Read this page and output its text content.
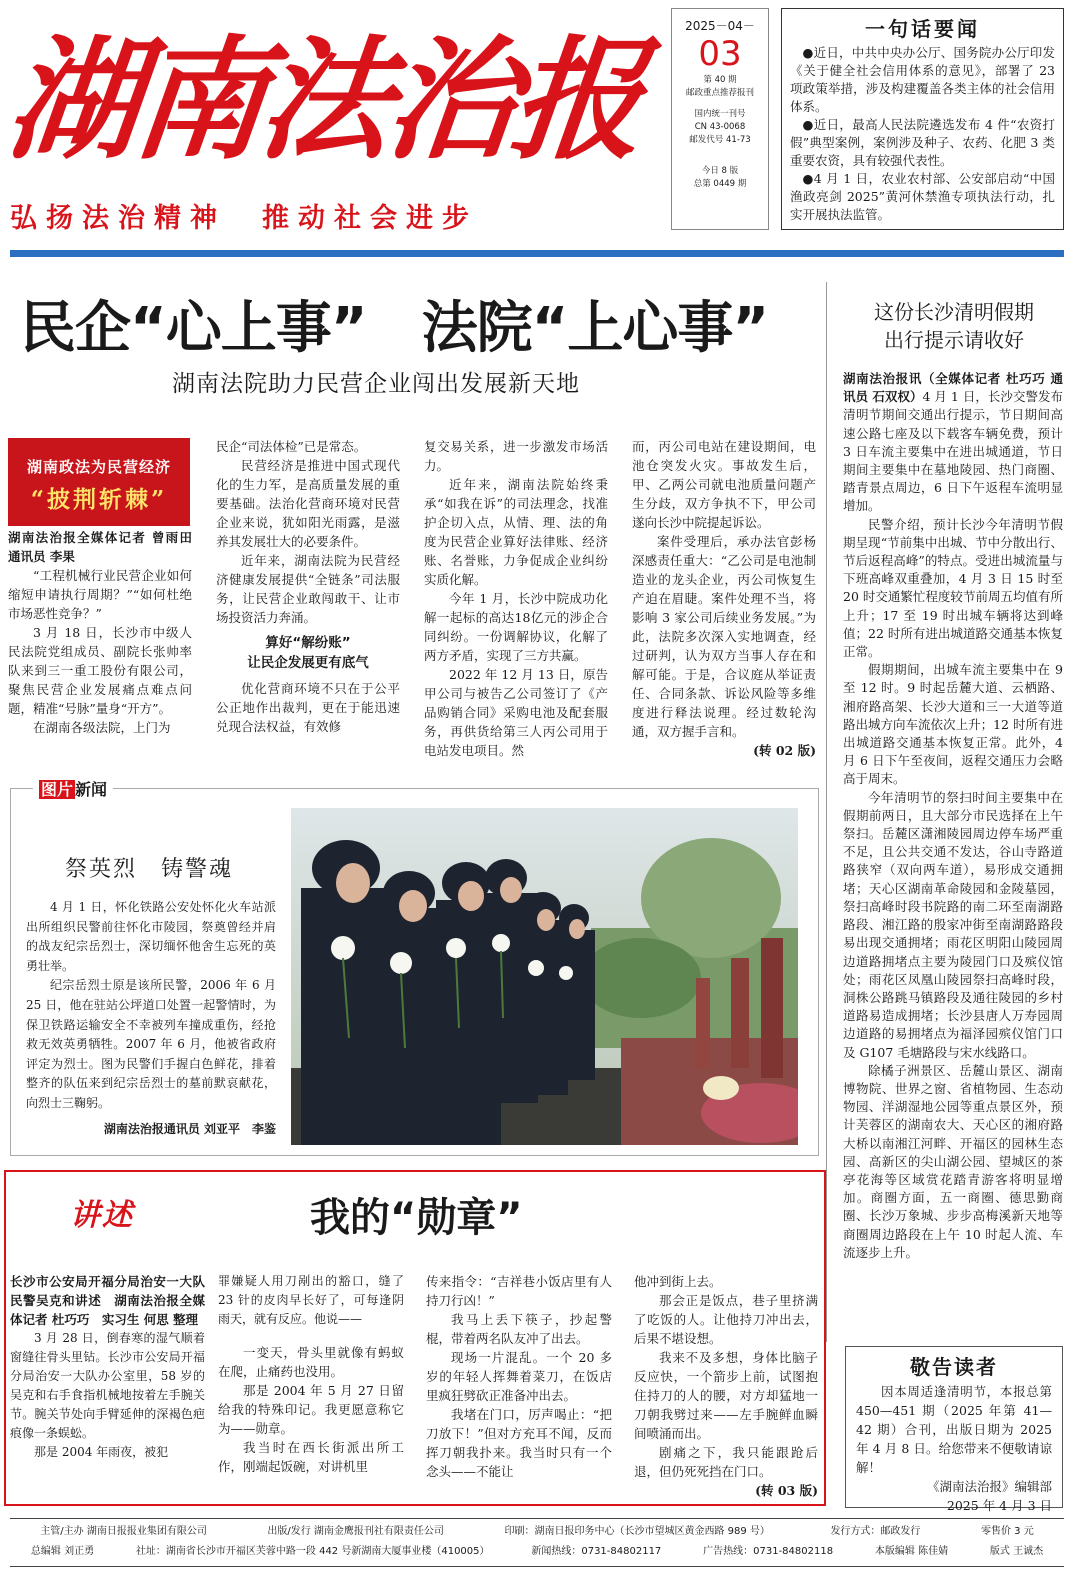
湖南法治报
弘扬法治精神　推动社会进步
2025－04－
03
第 40 期
邮政重点推荐报刊
国内统一刊号
CN 43-0068
邮发代号 41-73
今日 8 版
总第 0449 期
一句话要闻
●近日，中共中央办公厅、国务院办公厅印发《关于健全社会信用体系的意见》，部署了 23 项政策举措，涉及构建覆盖各类主体的社会信用体系。
●近日，最高人民法院遴选发布 4 件“农资打假”典型案例，案例涉及种子、农药、化肥 3 类重要农资，具有较强代表性。
●4 月 1 日，农业农村部、公安部启动“中国渔政亮剑 2025”黄河休禁渔专项执法行动，扎实开展执法监管。
民企“心上事”　法院“上心事”
湖南法院助力民营企业闯出发展新天地
湖南政法为民营经济
“披荆斩棘”

湖南法治报全媒体记者 曾雨田　通讯员 李果

“工程机械行业民营企业如何缩短申请执行周期？”“如何杜绝市场恶性竞争？”

3 月 18 日，长沙市中级人民法院党组成员、副院长张帅率队来到三一重工股份有限公司，聚焦民营企业发展痛点难点问题，精准“号脉”量身“开方”。

在湖南各级法院，上门为

民企“司法体检”已是常态。

民营经济是推进中国式现代化的生力军，是高质量发展的重要基础。法治化营商环境对民营企业来说，犹如阳光雨露，是滋养其发展壮大的必要条件。

近年来，湖南法院为民营经济健康发展提供“全链条”司法服务，让民营企业敢闯敢干、让市场投资活力奔涌。

算好“解纷账”
让民企发展更有底气

优化营商环境不只在于公平公正地作出裁判，更在于能迅速兑现合法权益，有效修

复交易关系，进一步激发市场活力。

近年来，湖南法院始终秉承“如我在诉”的司法理念，找准护企切入点，从情、理、法的角度为民营企业算好法律账、经济账、名誉账，力争促成企业纠纷实质化解。

今年 1 月，长沙中院成功化解一起标的高达18亿元的涉企合同纠纷。一份调解协议，化解了两方矛盾，实现了三方共赢。

2022 年 12 月 13 日，原告甲公司与被告乙公司签订了《产品购销合同》采购电池及配套服务，再供货给第三人丙公司用于电站发电项目。然

而，丙公司电站在建设期间，电池仓突发火灾。事故发生后，甲、乙两公司就电池质量问题产生分歧，双方争执不下，甲公司遂向长沙中院提起诉讼。

案件受理后，承办法官彭杨深感责任重大：“乙公司是电池制造业的龙头企业，丙公司恢复生产迫在眉睫。案件处理不当，将影响 3 家公司后续业务发展。”为此，法院多次深入实地调查，经过研判，认为双方当事人存在和解可能。于是，合议庭从举证责任、合同条款、诉讼风险等多维度进行释法说理。经过数轮沟通，双方握手言和。

(转 02 版)
这份长沙清明假期
出行提示请收好

湖南法治报讯（全媒体记者 杜巧巧 通讯员 石双权）4 月 1 日，长沙交警发布清明节期间交通出行提示，节日期间高速公路七座及以下载客车辆免费，预计 3 日车流主要集中在进出城通道，节日期间主要集中在墓地陵园、热门商圈、踏青景点周边，6 日下午返程车流明显增加。

民警介绍，预计长沙今年清明节假期呈现“节前集中出城、节中分散出行、节后返程高峰”的特点。受进出城流量与下班高峰双重叠加，4 月 3 日 15 时至 20 时交通繁忙程度较节前周五均值有所上升；17 至 19 时出城车辆将达到峰值；22 时所有进出城道路交通基本恢复正常。

假期期间，出城车流主要集中在 9 至 12 时。9 时起岳麓大道、云栖路、湘府路高架、长沙大道和三一大道等道路出城方向车流依次上升；12 时所有进出城道路交通基本恢复正常。此外，4 月 6 日下午至夜间，返程交通压力会略高于周末。

今年清明节的祭扫时间主要集中在假期前两日，且大部分市民选择在上午祭扫。岳麓区潇湘陵园周边停车场严重不足，且公共交通不发达，谷山寺路道路狭窄（双向两车道），易形成交通拥堵；天心区湖南革命陵园和金陵墓园，祭扫高峰时段书院路的南二环至南湖路路段、湘江路的殷家冲街至南湖路路段易出现交通拥堵；雨花区明阳山陵园周边道路拥堵点主要为陵园门口及殡仪馆处；雨花区凤凰山陵园祭扫高峰时段，洞株公路跳马镇路段及通往陵园的乡村道路易造成拥堵；长沙县唐人万寿园周边道路的易拥堵点为福泽园殡仪馆门口及 G107 毛塘路段与宋水线路口。

除橘子洲景区、岳麓山景区、湖南博物院、世界之窗、省植物园、生态动物园、洋湖湿地公园等重点景区外，预计芙蓉区的湖南农大、天心区的湘府路大桥以南湘江河畔、开福区的园林生态园、高新区的尖山湖公园、望城区的茶亭花海等区域赏花踏青游客将明显增加。商圈方面，五一商圈、德思勤商圈、长沙万象城、步步高梅溪新天地等商圈周边路段在上午 10 时起人流、车流逐步上升。

图片 新闻
祭英烈　铸警魂

4 月 1 日，怀化铁路公安处怀化火车站派出所组织民警前往怀化市陵园，祭奠曾经并肩的战友纪宗岳烈士，深切缅怀他舍生忘死的英勇壮举。

纪宗岳烈士原是该所民警，2006 年 6 月 25 日，他在驻站公坪道口处置一起警情时，为保卫铁路运输安全不幸被列车撞成重伤，经抢救无效英勇牺牲。2007 年 6 月，他被省政府评定为烈士。图为民警们手握白色鲜花，排着整齐的队伍来到纪宗岳烈士的墓前默哀献花，向烈士三鞠躬。

湖南法治报通讯员 刘亚平　李鉴

讲述	我的“勋章”

长沙市公安局开福分局治安一大队民警吴克和讲述　湖南法治报全媒体记者 杜巧巧　实习生 何思 整理

3 月 28 日，倒春寒的湿气顺着窗缝往骨头里钻。长沙市公安局开福分局治安一大队办公室里，58 岁的吴克和右手食指机械地按着左手腕关节。腕关节处向手臂延伸的深褐色疤痕像一条蜈蚣。

那是 2004 年雨夜，被犯

罪嫌疑人用刀剐出的豁口，缝了 23 针的皮肉早长好了，可每逢阴雨天，就有反应。他说——

一变天，骨头里就像有蚂蚁在爬，止痛药也没用。

那是 2004 年 5 月 27 日留给我的特殊印记。我更愿意称它为——勋章。

我当时在西长街派出所工作，刚端起饭碗，对讲机里

传来指令：“吉祥巷小饭店里有人持刀行凶！”

我马上丢下筷子，抄起警棍，带着两名队友冲了出去。

现场一片混乱。一个 20 多岁的年轻人挥舞着菜刀，在饭店里疯狂劈砍正准备冲出去。

我堵在门口，厉声喝止：“把刀放下！”但对方充耳不闻，反而挥刀朝我扑来。我当时只有一个念头——不能让

他冲到街上去。

那会正是饭点，巷子里挤满了吃饭的人。让他持刀冲出去，后果不堪设想。

我来不及多想，身体比脑子反应快，一个箭步上前，试图抱住持刀的人的腰，对方却猛地一刀朝我劈过来——左手腕鲜血瞬间喷涌而出。

剧痛之下，我只能跟跄后退，但仍死死挡在门口。

(转 03 版)
敬告读者

因本周适逢清明节，本报总第 450—451 期（2025 年第 41—42 期）合刊，出版日期为 2025 年 4 月 8 日。给您带来不便敬请谅解！

《湖南法治报》编辑部

2025 年 4 月 3 日

主管/主办 湖南日报报业集团有限公司	出版/发行 湖南金鹰报刊社有限责任公司	印刷：湖南日报印务中心（长沙市望城区黄金西路 989 号）	发行方式：邮政发行	零售价 3 元
总编辑 刘正勇	社址：湖南省长沙市开福区芙蓉中路一段 442 号新湖南大厦事业楼（410005）	新闻热线：0731-84802117	广告热线：0731-84802118	本版编辑 陈佳婧	版式 王诚杰
